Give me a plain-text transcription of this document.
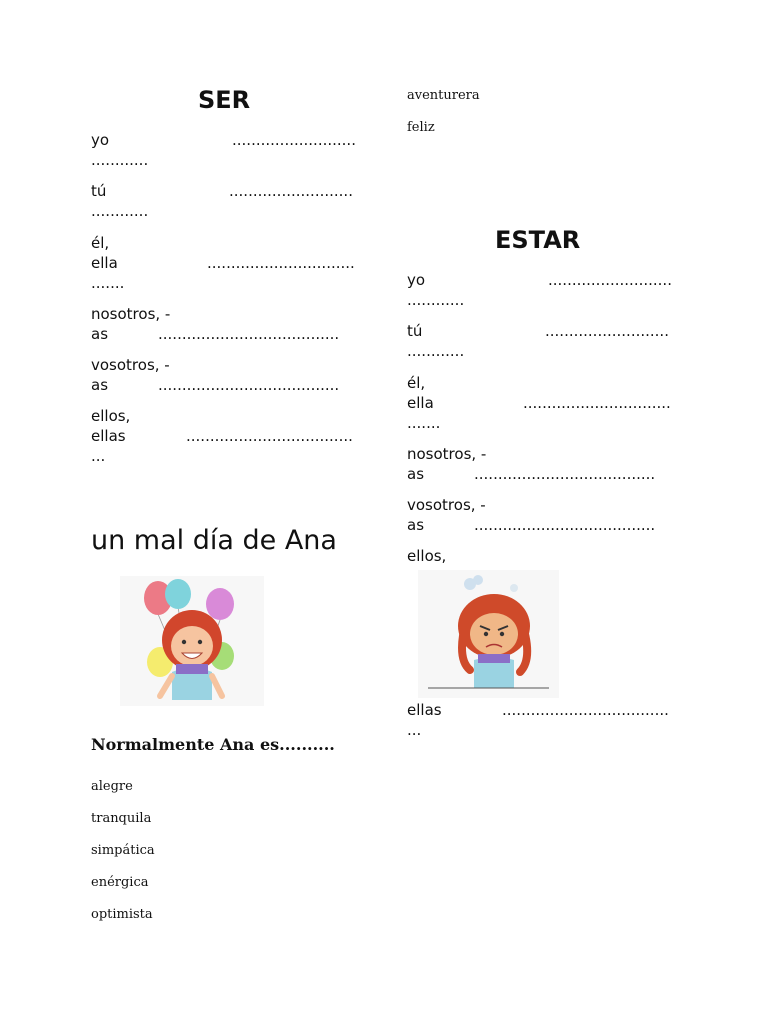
SER
yo	..........................
............
tú	..........................
............
él,
ella	...............................
.......
nosotros, -
as	......................................
vosotros, -
as	......................................
ellos,
ellas	...................................
...
un mal día de Ana
Normalmente Ana es..........
alegre
tranquila
simpática
enérgica
optimista
aventurera
feliz
ESTAR
yo	..........................
............
tú	..........................
............
él,
ella	...............................
.......
nosotros, -
as	......................................
vosotros, -
as	......................................
ellos,
ellas	...................................
...
